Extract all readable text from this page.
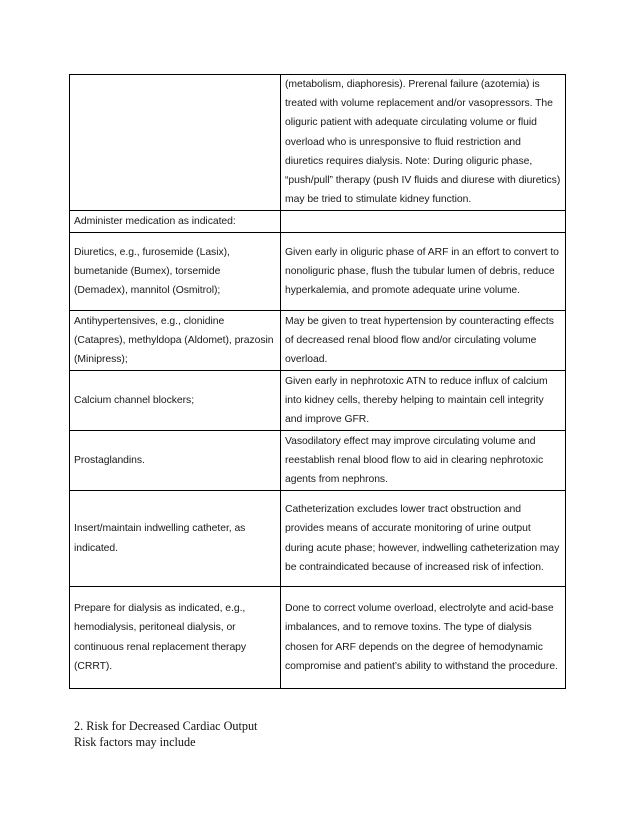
	(metabolism, diaphoresis). Prerenal failure (azotemia) is treated with volume replacement and/or vasopressors. The oliguric patient with adequate circulating volume or fluid overload who is unresponsive to fluid restriction and diuretics requires dialysis. Note: During oliguric phase, “push/pull” therapy (push IV fluids and diurese with diuretics) may be tried to stimulate kidney function.
Administer medication as indicated:	
Diuretics, e.g., furosemide (Lasix), bumetanide (Bumex), torsemide (Demadex), mannitol (Osmitrol);	Given early in oliguric phase of ARF in an effort to convert to nonoliguric phase, flush the tubular lumen of debris, reduce hyperkalemia, and promote adequate urine volume.
Antihypertensives, e.g., clonidine (Catapres), methyldopa (Aldomet), prazosin (Minipress);	May be given to treat hypertension by counteracting effects of decreased renal blood flow and/or circulating volume overload.
Calcium channel blockers;	Given early in nephrotoxic ATN to reduce influx of calcium into kidney cells, thereby helping to maintain cell integrity and improve GFR.
Prostaglandins.	Vasodilatory effect may improve circulating volume and reestablish renal blood flow to aid in clearing nephrotoxic agents from nephrons.
Insert/maintain indwelling catheter, as indicated.	Catheterization excludes lower tract obstruction and provides means of accurate monitoring of urine output during acute phase; however, indwelling catheterization may be contraindicated because of increased risk of infection.
Prepare for dialysis as indicated, e.g., hemodialysis, peritoneal dialysis, or continuous renal replacement therapy (CRRT).	Done to correct volume overload, electrolyte and acid-base imbalances, and to remove toxins. The type of dialysis chosen for ARF depends on the degree of hemodynamic compromise and patient’s ability to withstand the procedure.
2. Risk for Decreased Cardiac Output
Risk factors may include
